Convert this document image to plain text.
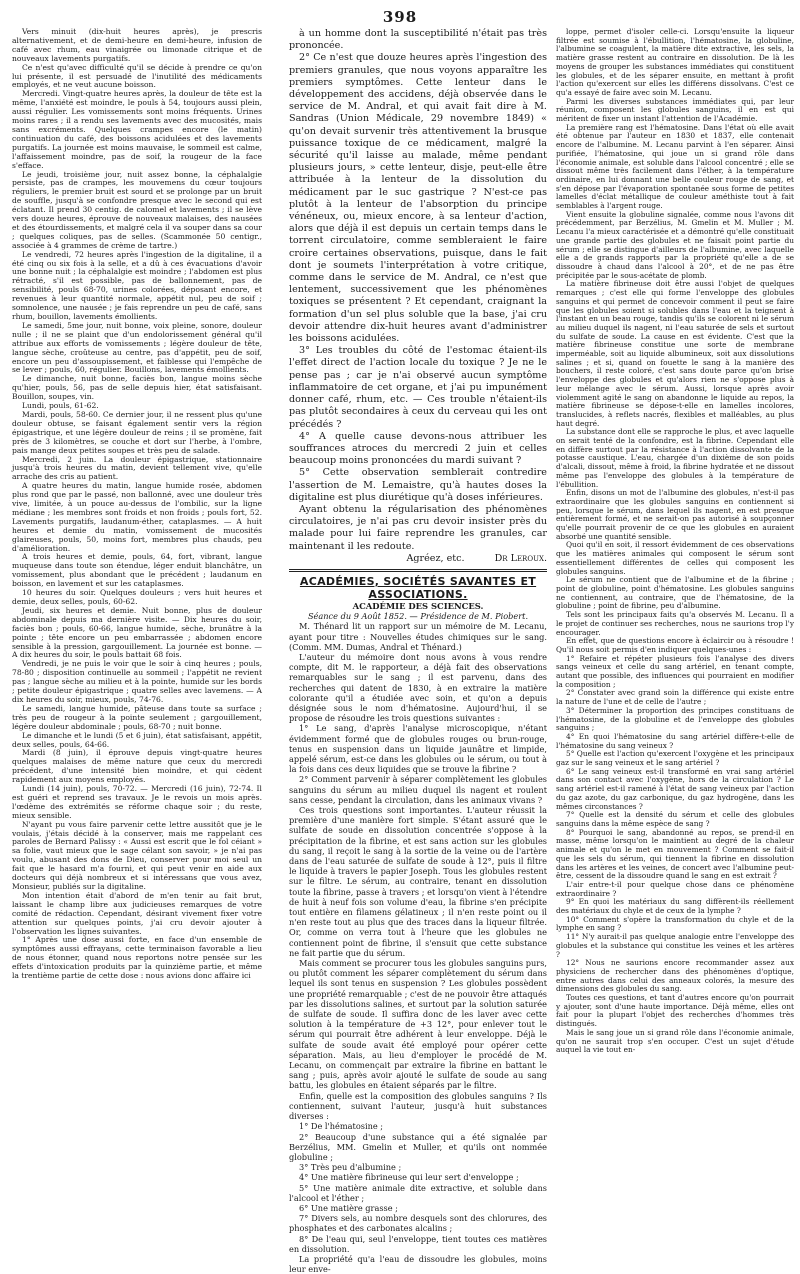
398

Vers minuit (dix-huit heures après), je prescris alternativement, et de demi-heure en demi-heure, infusion de café avec rhum, eau vinaigrée ou limonade citrique et de nouveaux lavements purgatifs.

Ce n'est qu'avec difficulté qu'il se décide à prendre ce qu'on lui présente, il est persuadé de l'inutilité des médicaments employés, et ne veut aucune boisson.

Mercredi. Vingt-quatre heures après, la douleur de tête est la même, l'anxiété est moindre, le pouls à 54, toujours aussi plein, aussi régulier. Les vomissements sont moins fréquents. Urines moins rares ; il a rendu ses lavements avec des mucosités, mais sans excréments. Quelques crampes encore (le matin) continuation du café, des boissons acidulées et des lavements purgatifs. La journée est moins mauvaise, le sommeil est calme, l'affaissement moindre, pas de soif, la rougeur de la face s'efface.

Le jeudi, troisième jour, nuit assez bonne, la céphalalgie persiste, pas de crampes, les mouvemens du cœur toujours réguliers, le premier bruit est sourd et se prolonge par un bruit de souffle, jusqu'à se confondre presque avec le second qui est éclatant. Il prend 30 centig. de calomel et lavements ; il se lève vers douze heures, éprouve de nouveaux malaises, des nausées et des étourdissements, et malgré cela il va souper dans sa cour ; quelques coliques, pas de selles. (Scammonée 50 centigr., associée à 4 grammes de crème de tartre.)

Le vendredi, 72 heures après l'ingestion de la digitaline, il a été cinq ou six fois à la selle, et a dû à ces évacuations d'avoir une bonne nuit ; la céphalalgie est moindre ; l'abdomen est plus rétracté, s'il est possible, pas de ballonnement, pas de sensibilité, pouls 68-70, urines colorées, déposant encore, et revenues à leur quantité normale, appétit nul, peu de soif ; somnolence, une nausée ; je fais reprendre un peu de café, sans rhum, bouillon, lavements émollients.

Le samedi, 5me jour, nuit bonne, voix pleine, sonore, douleur nulle ; il ne se plaint que d'un endolorissement général qu'il attribue aux efforts de vomissements ; légère douleur de tête, langue sèche, croûteuse au centre, pas d'appétit, peu de soif, encore un peu d'assoupissement, et faiblesse qui l'empêche de se lever ; pouls, 60, régulier. Bouillons, lavements émollients.

Le dimanche, nuit bonne, faciès bon, langue moins sèche qu'hier, pouls, 56, pas de selle depuis hier, état satisfaisant. Bouillon, soupes, vin.

Lundi, pouls, 61-62.

Mardi, pouls, 58-60. Ce dernier jour, il ne ressent plus qu'une douleur obtuse, se faisant également sentir vers la région épigastrique, et une légère douleur de reins ; il se promène, fait près de 3 kilomètres, se couche et dort sur l'herbe, à l'ombre, pais mange deux petites soupes et très peu de salade.

Mercredi, 2 juin. La douleur épigastrique, stationnaire jusqu'à trois heures du matin, devient tellement vive, qu'elle arrache des cris au patient.

A quatre heures du matin, langue humide rosée, abdomen plus rond que par le passé, non ballonné, avec une douleur très vive, limitée, à un pouce au-dessus de l'ombilic, sur la ligne médiane ; les membres sont froids et non froids ; pouls fort, 52. Lavements purgatifs, laudanum-éther, cataplasmes. — A huit heures et demie du matin, vomissement de mucosités glaireuses, pouls, 50, moins fort, membres plus chauds, peu d'amélioration.

A trois heures et demie, pouls, 64, fort, vibrant, langue muqueuse dans toute son étendue, léger enduit blanchâtre, un vomissement, plus abondant que le précédent ; laudanum en boisson, en lavement et sur les cataplasmes.

10 heures du soir. Quelques douleurs ; vers huit heures et demie, deux selles, pouls, 60-62.

Jeudi, six heures et demie. Nuit bonne, plus de douleur abdominale depuis ma dernière visite. — Dix heures du soir, faciès bon ; pouls, 60-66, langue humide, sèche, brunâtre à la pointe ; tête encore un peu embarrassée ; abdomen encore sensible à la pression, gargouillement. La journée est bonne. — A dix heures du soir, le pouls battait 68 fois.

Vendredi, je ne puis le voir que le soir à cinq heures ; pouls, 78-80 ; disposition continuelle au sommeil ; l'appétit ne revient pas ; langue sèche au milieu et à la pointe, humide sur les bords ; petite douleur épigastrique ; quatre selles avec lavemens. — A dix heures du soir, mieux, pouls, 74-76.

Le samedi, langue humide, pâteuse dans toute sa surface ; très peu de rougeur à la pointe seulement ; gargouillement, légère douleur abdominale ; pouls, 68-70 ; nuit bonne.

Le dimanche et le lundi (5 et 6 juin), état satisfaisant, appétit, deux selles, pouls, 64-66.

Mardi (8 juin), il éprouve depuis vingt-quatre heures quelques malaises de même nature que ceux du mercredi précédent, d'une intensité bien moindre, et qui cèdent rapidement aux moyens employés.

Lundi (14 juin), pouls, 70-72. — Mercredi (16 juin), 72-74. Il est guéri et reprend ses travaux. Je le revois un mois après. l'œdème des extrémités se réforme chaque soir ; du reste, mieux sensible.

N'ayant pu vous faire parvenir cette lettre aussitôt que je le voulais, j'étais décidé à la conserver, mais me rappelant ces paroles de Bernard Palissy : « Aussi est escrit que le fol céiant » sa folie, vaut mieux que le sage célant son savoir, » je n'ai pas voulu, abusant des dons de Dieu, conserver pour moi seul un fait que le hasard m'a fourni, et qui peut venir en aide aux docteurs qui déjà nombreux et si intéressans que vous avez, Monsieur, publiés sur la digitaline.

Mon intention était d'abord de m'en tenir au fait brut, laissant le champ libre aux judicieuses remarques de votre comité de rédaction. Cependant, désirant vivement fixer votre attention sur quelques points, j'ai cru devoir ajouter à l'observation les lignes suivantes.

1° Après une dose aussi forte, en face d'un ensemble de symptômes aussi effrayans, cette terminaison favorable a lieu de nous étonner, quand nous reportons notre pensée sur les effets d'intoxication produits par la quinzième partie, et même la trentième partie de cette dose : nous avions donc affaire ici

à un homme dont la susceptibilité n'était pas très prononcée.

2° Ce n'est que douze heures après l'ingestion des premiers granules, que nous voyons apparaître les premiers symptômes. Cette lenteur dans le développement des accidens, déjà observée dans le service de M. Andral, et qui avait fait dire à M. Sandras (Union Médicale, 29 novembre 1849) « qu'on devait survenir très attentivement la brusque puissance toxique de ce médicament, malgré la sécurité qu'il laisse au malade, même pendant plusieurs jours, » cette lenteur, disje, peut-elle être attribuée à la lenteur de la dissolution du médicament par le suc gastrique ? N'est-ce pas plutôt à la lenteur de l'absorption du principe vénéneux, ou, mieux encore, à sa lenteur d'action, alors que déjà il est depuis un certain temps dans le torrent circulatoire, comme sembleraient le faire croire certaines observations, puisque, dans le fait dont je soumets l'interprétation à votre critique, comme dans le service de M. Andral, ce n'est que lentement, successivement que les phénomènes toxiques se présentent ? Et cependant, craignant la formation d'un sel plus soluble que la base, j'ai cru devoir attendre dix-huit heures avant d'administrer les boissons acidulées.

3° Les troubles du côté de l'estomac étaient-ils l'effet direct de l'action locale du toxique ? Je ne le pense pas ; car je n'ai observé aucun symptôme inflammatoire de cet organe, et j'ai pu impunément donner café, rhum, etc. — Ces trouble n'étaient-ils pas plutôt secondaires à ceux du cerveau qui les ont précédés ?

4° A quelle cause devons-nous attribuer les souffrances atroces du mercredi 2 juin et celles beaucoup moins prononcées du mardi suivant ?

5° Cette observation semblerait contredire l'assertion de M. Lemaistre, qu'à hautes doses la digitaline est plus diurétique qu'à doses inférieures.

Ayant obtenu la régularisation des phénomènes circulatoires, je n'ai pas cru devoir insister près du malade pour lui faire reprendre les granules, car maintenant il les redoute.

Agréez, etc.	Dr Leroux.

ACADÉMIES, SOCIÉTÉS SAVANTES ET ASSOCIATIONS.

ACADÉMIE DES SCIENCES.

Séance du 9 Août 1852. — Présidence de M. Piobert.

M. Thénard lit un rapport sur un mémoire de M. Lecanu, ayant pour titre : Nouvelles études chimiques sur le sang. (Comm. MM. Dumas, Andral et Thénard.)

L'auteur du mémoire dont nous avons à vous rendre compte, dit M. le rapporteur, a déjà fait des observations remarquables sur le sang ; il est parvenu, dans des recherches qui datent de 1830, à en extraire la matière colorante qu'il a étudiée avec soin, et qu'on a depuis désignée sous le nom d'hématosine. Aujourd'hui, il se propose de résoudre les trois questions suivantes :

1° Le sang, d'après l'analyse microscopique, n'étant évidemment formé que de globules rouges ou brun-rouge, tenus en suspension dans un liquide jaunâtre et limpide, appelé sérum, est-ce dans les globules ou le sérum, ou tout à la fois dans ces deux liquides que se trouve la fibrine ?

2° Comment parvenir à séparer complètement les globules sanguins du sérum au milieu duquel ils nagent et roulent sans cesse, pendant la circulation, dans les animaux vivans ?

Ces trois questions sont importantes. L'auteur réussit la première d'une manière fort simple. S'étant assuré que le sulfate de soude en dissolution concentrée s'oppose à la précipitation de la fibrine, et est sans action sur les globules du sang, il reçoit le sang à la sortie de la veine ou de l'artère dans de l'eau saturée de sulfate de soude à 12°, puis il filtre le liquide à travers le papier Joseph. Tous les globules restent sur le filtre. Le sérum, au contraire, tenant en dissolution toute la fibrine, passe à travers ; et lorsqu'on vient à l'étendre de huit à neuf fois son volume d'eau, la fibrine s'en précipite tout entière en filamens gélatineux ; il n'en reste point ou il n'en reste tout au plus que des traces dans la liqueur filtrée. Or, comme on verra tout à l'heure que les globules ne contiennent point de fibrine, il s'ensuit que cette substance ne fait partie que du sérum.

Mais comment se procurer tous les globules sanguins purs, ou plutôt comment les séparer complètement du sérum dans lequel ils sont tenus en suspension ? Les globules possèdent une propriété remarquable ; c'est de ne pouvoir être attaqués par les dissolutions salines, et surtout par la solution saturée de sulfate de soude. Il suffira donc de les laver avec cette solution à la température de +3 12°, pour enlever tout le sérum qui pourrait être adhérent à leur enveloppe. Déjà le sulfate de soude avait été employé pour opérer cette séparation. Mais, au lieu d'employer le procédé de M. Lecanu, on commençait par extraire la fibrine en battant le sang ; puis, après avoir ajouté le sulfate de soude au sang battu, les globules en étaient séparés par le filtre.

Enfin, quelle est la composition des globules sanguins ? Ils contiennent, suivant l'auteur, jusqu'à huit substances diverses :

1° De l'hématosine ;

2° Beaucoup d'une substance qui a été signalée par Berzélius, MM. Gmelin et Muller, et qu'ils ont nommée globuline ;

3° Très peu d'albumine ;

4° Une matière fibrineuse qui leur sert d'enveloppe ;

5° Une matière animale dite extractive, et soluble dans l'alcool et l'éther ;

6° Une matière grasse ;

7° Divers sels, au nombre desquels sont des chlorures, des phosphates et des carbonates alcalins ;

8° De l'eau qui, seul l'enveloppe, tient toutes ces matières en dissolution.

La propriété qu'a l'eau de dissoudre les globules, moins leur enve-

loppe, permet d'isoler celle-ci. Lorsqu'ensuite la liqueur filtrée est soumise à l'ébullition, l'hématosine, la globuline, l'albumine se coagulent, la matière dite extractive, les sels, la matière grasse restent au contraire en dissolution. De là les moyens de grouper les substances immédiates qui constituent les globules, et de les séparer ensuite, en mettant à profit l'action qu'exercent sur elles les différens dissolvans. C'est ce qu'a essayé de faire avec soin M. Lecanu.

Parmi les diverses substances immédiates qui, par leur réunion, composent les globules sanguins, il en est qui méritent de fixer un instant l'attention de l'Académie.

La première rang est l'hématosine. Dans l'état où elle avait été obtenue par l'auteur en 1830 et 1837, elle contenait encore de l'albumine. M. Lecanu parvint à l'en séparer. Ainsi purifiée, l'hématosine, qui joue un si grand rôle dans l'économie animale, est soluble dans l'alcool concentré ; elle se dissout même très facilement dans l'éther, à la température ordinaire, en lui donnant une belle couleur rouge de sang, et s'en dépose par l'évaporation spontanée sous forme de petites lamelles d'éclat métallique de couleur améthiste tout à fait semblables à l'argent rouge.

Vient ensuite la globuline signalée, comme nous l'avons dit précédemment, par Berzélius, M. Gmelin et M. Muller ; M. Lecanu l'a mieux caractérisée et a démontré qu'elle constituait une grande partie des globules et ne faisait point partie du sérum ; elle se distingue d'ailleurs de l'albumine, avec laquelle elle a de grands rapports par la propriété qu'elle a de se dissoudre à chaud dans l'alcool à 20°, et de ne pas être précipitée par le sous-acétate de plomb.

La matière fibrineuse doit être aussi l'objet de quelques remarques ; c'est elle qui forme l'enveloppe des globules sanguins et qui permet de concevoir comment il peut se faire que les globules soient si solubles dans l'eau et la teignent à l'instant en un beau rouge, tandis qu'ils se colorent ni le sérum au milieu duquel ils nagent, ni l'eau saturée de sels et surtout du sulfate de soude. La cause en est évidente. C'est que la matière fibrineuse constitue une sorte de membrane imperméable, soit au liquide albumineux, soit aux dissolutions salines ; et si, quand on fouette le sang à la manière des bouchers, il reste coloré, c'est sans doute parce qu'on brise l'enveloppe des globules et qu'alors rien ne s'oppose plus à leur mélange avec le sérum. Aussi, lorsque après avoir violemment agité le sang on abandonne le liquide au repos, la matière fibrineuse se dépose-t-elle en lamelles incolores, translucides, à reflets nacrés, flexibles et malléables, au plus haut degré.

La substance dont elle se rapproche le plus, et avec laquelle on serait tenté de la confondre, est la fibrine. Cependant elle en diffère surtout par la résistance à l'action dissolvante de la potasse caustique. L'eau, chargée d'un dixième de son poids d'alcali, dissout, même à froid, la fibrine hydratée et ne dissout même pas l'enveloppe des globules à la température de l'ébullition.

Enfin, disons un mot de l'albumine des globules, n'est-il pas extraordinaire que les globules sanguins en contiennent si peu, lorsque le sérum, dans lequel ils nagent, en est presque entièrement formé, et ne serait-on pas autorisé à soupçonner qu'elle pourrait provenir de ce que les globules en auraient absorbé une quantité sensible.

Quoi qu'il en soit, il ressort évidemment de ces observations que les matières animales qui composent le sérum sont essentiellement différentes de celles qui composent les globules sanguins.

Le sérum ne contient que de l'albumine et de la fibrine ; point de globuline, point d'hématosine. Les globules sanguins ne contiennent, au contraire, que de l'hématosine, de la globuline ; point de fibrine, peu d'albumine.

Tels sont les principaux faits qu'a observés M. Lecanu. Il a le projet de continuer ses recherches, nous ne saurions trop l'y encourager.

En effet, que de questions encore à éclaircir ou à résoudre ! Qu'il nous soit permis d'en indiquer quelques-unes :

1° Refaire et répéter plusieurs fois l'analyse des divers sangs veineux et celle du sang artériel, en tenant compte, autant que possible, des influences qui pourraient en modifier la composition ;

2° Constater avec grand soin la différence qui existe entre la nature de l'une et de celle de l'autre ;

3° Déterminer la proportion des principes constituans de l'hématosine, de la globuline et de l'enveloppe des globules sanguins ;

4° En quoi l'hématosine du sang artériel diffère-t-elle de l'hématosine du sang veineux ?

5° Quelle est l'action qu'exercent l'oxygène et les principaux gaz sur le sang veineux et le sang artériel ?

6° Le sang veineux est-il transformé en vrai sang artériel dans son contact avec l'oxygène, hors de la circulation ? Le sang artériel est-il ramené à l'état de sang veineux par l'action du gaz azote, du gaz carbonique, du gaz hydrogène, dans les mêmes circonstances ?

7° Quelle est la densité du sérum et celle des globules sanguins dans la même espèce de sang ?

8° Pourquoi le sang, abandonné au repos, se prend-il en masse, même lorsqu'on le maintient au degré de la chaleur animale et qu'on le met en mouvement ? Comment se fait-il que les sels du sérum, qui tiennent la fibrine en dissolution dans les artères et les veines, de concert avec l'albumine peut-être, cessent de la dissoudre quand le sang en est extrait ?

L'air entre-t-il pour quelque chose dans ce phénomène extraordinaire ?

9° En quoi les matériaux du sang diffèrent-ils réellement des matériaux du chyle et de ceux de la lymphe ?

10° Comment s'opère la transformation du chyle et de la lymphe en sang ?

11° N'y aurait-il pas quelque analogie entre l'enveloppe des globules et la substance qui constitue les veines et les artères ?

12° Nous ne saurions encore recommander assez aux physiciens de rechercher dans des phénomènes d'optique, entre autres dans celui des anneaux colorés, la mesure des dimensions des globules du sang.

Toutes ces questions, et tant d'autres encore qu'on pourrait y ajouter, sont d'une haute importance. Déjà même, elles ont fait pour la plupart l'objet des recherches d'hommes très distingués.

Mais le sang joue un si grand rôle dans l'économie animale, qu'on ne saurait trop s'en occuper. C'est un sujet d'étude auquel la vie tout en-
